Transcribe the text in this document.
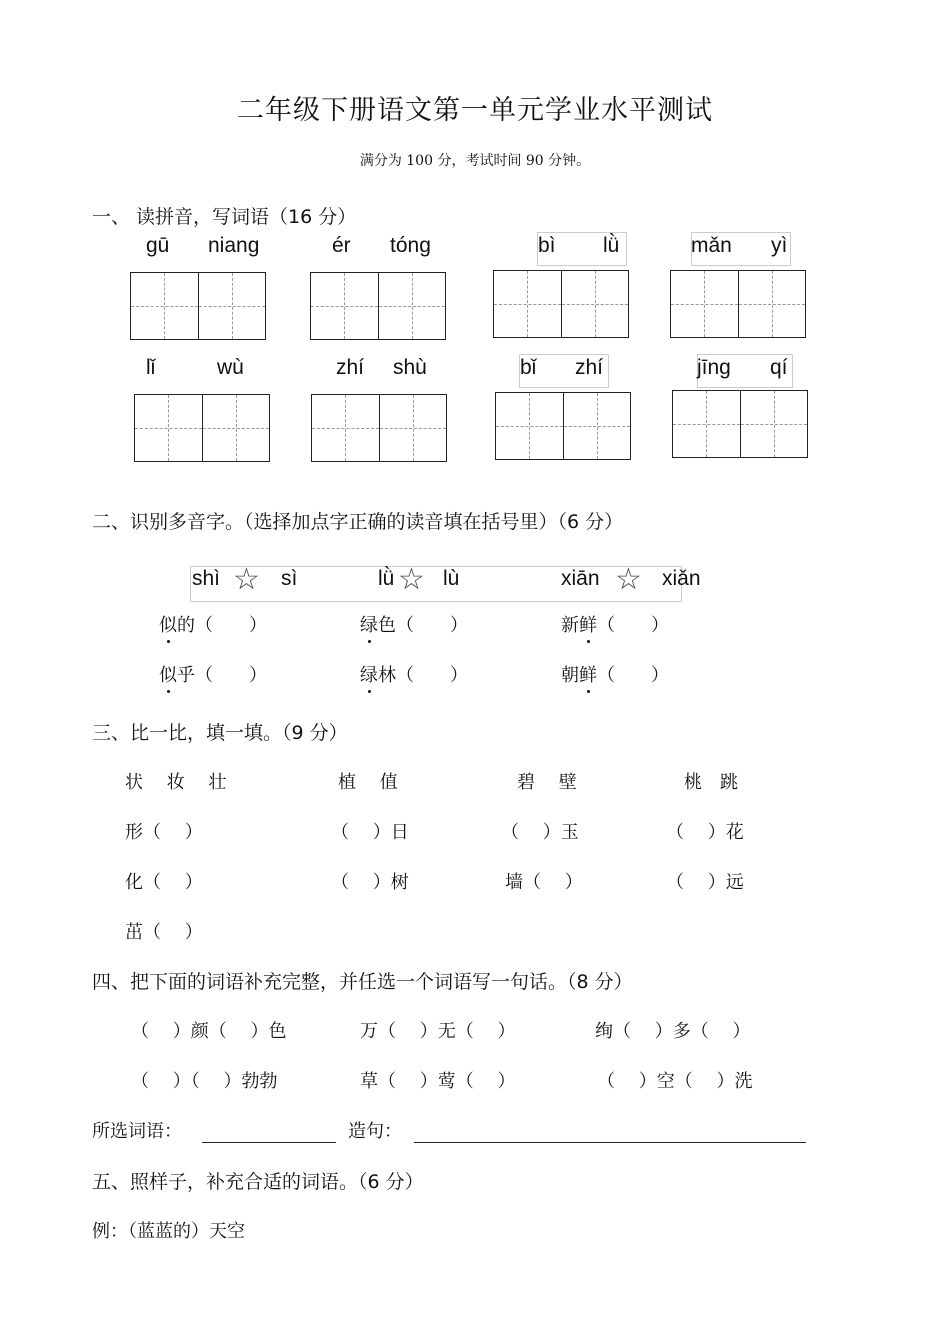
二年级下册语文第一单元学业水平测试
满分为 100 分，考试时间 90 分钟。
一、 读拼音，写词语（16 分）
gū niang	ér tóng	bì lǜ	mǎn yì
lǐ	wù	zhí shù	bǐ zhí	jīng qí
二、识别多音字。（选择加点字正确的读音填在括号里）（6 分）
shì ☆ sì	lǜ ☆ lù	xiān ☆ xiǎn
似的（　　）	绿色（　　）	新鲜（　　）
似乎（　　）	绿林（　　）	朝鲜（　　）
三、比一比，填一填。（9 分）
状　 妆　 壮	植　 值	碧　 壁	桃　跳
形（　 ）	（　 ）日	（　 ）玉	（　 ）花
化（　 ）	（　 ）树	墙（　 ）	（　 ）远
茁（　 ）
四、把下面的词语补充完整，并任选一个词语写一句话。（8 分）
（　 ）颜（　 ）色	万（　 ）无（　 ）	绚（　 ）多（　 ）
（　 ）（　 ）勃勃	草（　 ）莺（　 ）	（　 ）空（　 ）洗
所选词语：	造句：
五、照样子，补充合适的词语。（6 分）
例：（蓝蓝的）天空
